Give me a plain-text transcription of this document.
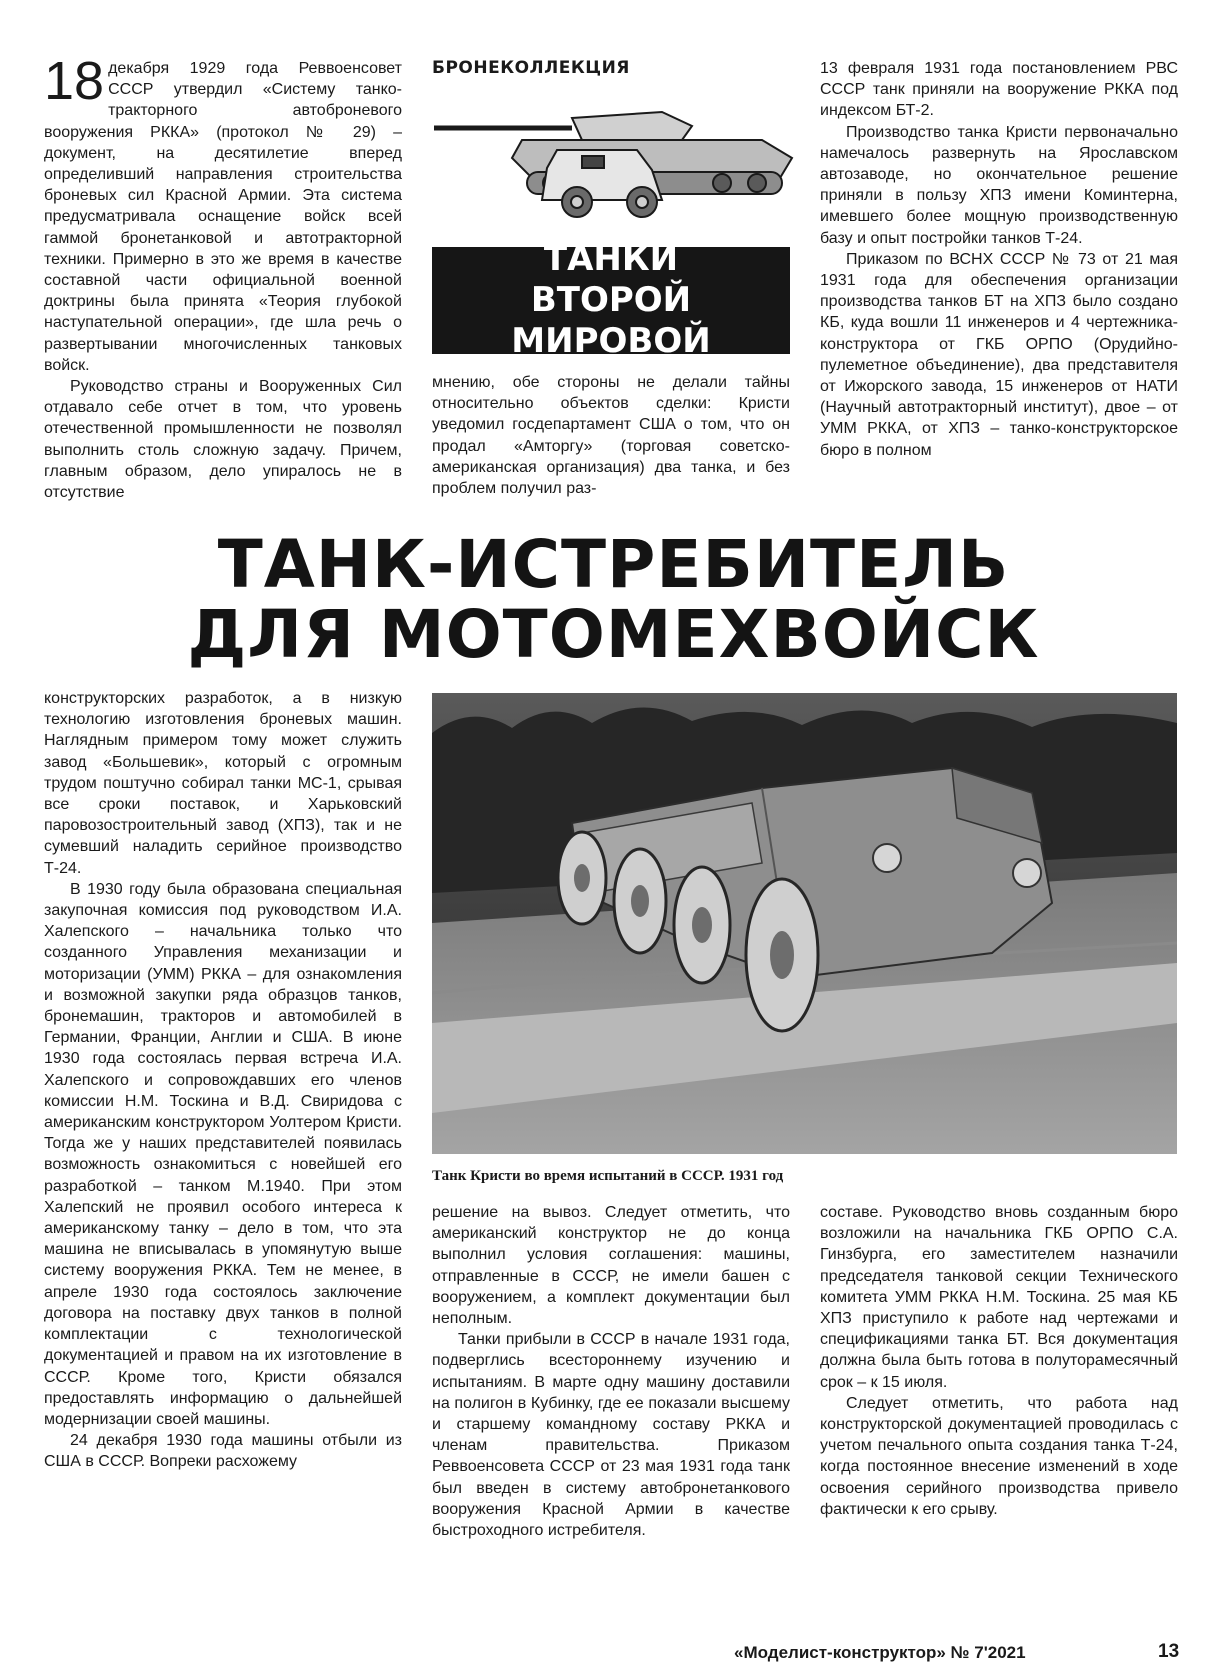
18 декабря 1929 года Реввоенсовет СССР утвердил «Систему танко-тракторного автоброневого вооружения РККА» (протокол № 29) – документ, на десятилетие вперед определивший направления строительства броневых сил Красной Армии. Эта система предусматривала оснащение войск всей гаммой бронетанковой и автотракторной техники. Примерно в это же время в качестве составной части официальной военной доктрины была принята «Теория глубокой наступательной операции», где шла речь о развертывании многочисленных танковых войск.

Руководство страны и Вооруженных Сил отдавало себе отчет в том, что уровень отечественной промышленности не позволял выполнить столь сложную задачу. Причем, главным образом, дело упиралось не в отсутствие

БРОНЕКОЛЛЕКЦИЯ
ТАНКИ
ВТОРОЙ МИРОВОЙ

мнению, обе стороны не делали тайны относительно объектов сделки: Кристи уведомил госдепартамент США о том, что он продал «Амторгу» (торговая советско-американская организация) два танка, и без проблем получил раз-

13 февраля 1931 года постановлением РВС СССР танк приняли на вооружение РККА под индексом БТ-2.

Производство танка Кристи первоначально намечалось развернуть на Ярославском автозаводе, но окончательное решение приняли в пользу ХПЗ имени Коминтерна, имевшего более мощную производственную базу и опыт постройки танков Т-24.

Приказом по ВСНХ СССР № 73 от 21 мая 1931 года для обеспечения организации производства танков БТ на ХПЗ было создано КБ, куда вошли 11 инженеров и 4 чертежника-конструктора от ГКБ ОРПО (Орудийно-пулеметное объединение), два представителя от Ижорского завода, 15 инженеров от НАТИ (Научный автотракторный институт), двое – от УММ РККА, от ХПЗ – танко-конструкторское бюро в полном

ТАНК-ИСТРЕБИТЕЛЬ
ДЛЯ МОТОМЕХВОЙСК

конструкторских разработок, а в низкую технологию изготовления броневых машин. Наглядным примером тому может служить завод «Большевик», который с огромным трудом поштучно собирал танки МС-1, срывая все сроки поставок, и Харьковский паровозостроительный завод (ХПЗ), так и не сумевший наладить серийное производство Т-24.

В 1930 году была образована специальная закупочная комиссия под руководством И.А. Халепского – начальника только что созданного Управления механизации и моторизации (УММ) РККА – для ознакомления и возможной закупки ряда образцов танков, бронемашин, тракторов и автомобилей в Германии, Франции, Англии и США. В июне 1930 года состоялась первая встреча И.А. Халепского и сопровождавших его членов комиссии Н.М. Тоскина и В.Д. Свиридова с американским конструктором Уолтером Кристи. Тогда же у наших представителей появилась возможность ознакомиться с новейшей его разработкой – танком М.1940. При этом Халепский не проявил особого интереса к американскому танку – дело в том, что эта машина не вписывалась в упомянутую выше систему вооружения РККА. Тем не менее, в апреле 1930 года состоялось заключение договора на поставку двух танков в полной комплектации с технологической документацией и правом на их изготовление в СССР. Кроме того, Кристи обязался предоставлять информацию о дальнейшей модернизации своей машины.

24 декабря 1930 года машины отбыли из США в СССР. Вопреки расхожему

Танк Кристи во время испытаний в СССР. 1931 год

решение на вывоз. Следует отметить, что американский конструктор не до конца выполнил условия соглашения: машины, отправленные в СССР, не имели башен с вооружением, а комплект документации был неполным.

Танки прибыли в СССР в начале 1931 года, подверглись всестороннему изучению и испытаниям. В марте одну машину доставили на полигон в Кубинку, где ее показали высшему и старшему командному составу РККА и членам правительства. Приказом Реввоенсовета СССР от 23 мая 1931 года танк был введен в систему автобронетанкового вооружения Красной Армии в качестве быстроходного истребителя.

составе. Руководство вновь созданным бюро возложили на начальника ГКБ ОРПО С.А. Гинзбурга, его заместителем назначили председателя танковой секции Технического комитета УММ РККА Н.М. Тоскина. 25 мая КБ ХПЗ приступило к работе над чертежами и спецификациями танка БТ. Вся документация должна была быть готова в полуторамесячный срок – к 15 июля.

Следует отметить, что работа над конструкторской документацией проводилась с учетом печального опыта создания танка Т-24, когда постоянное внесение изменений в ходе освоения серийного производства привело фактически к его срыву.

«Моделист-конструктор» № 7'2021	13
